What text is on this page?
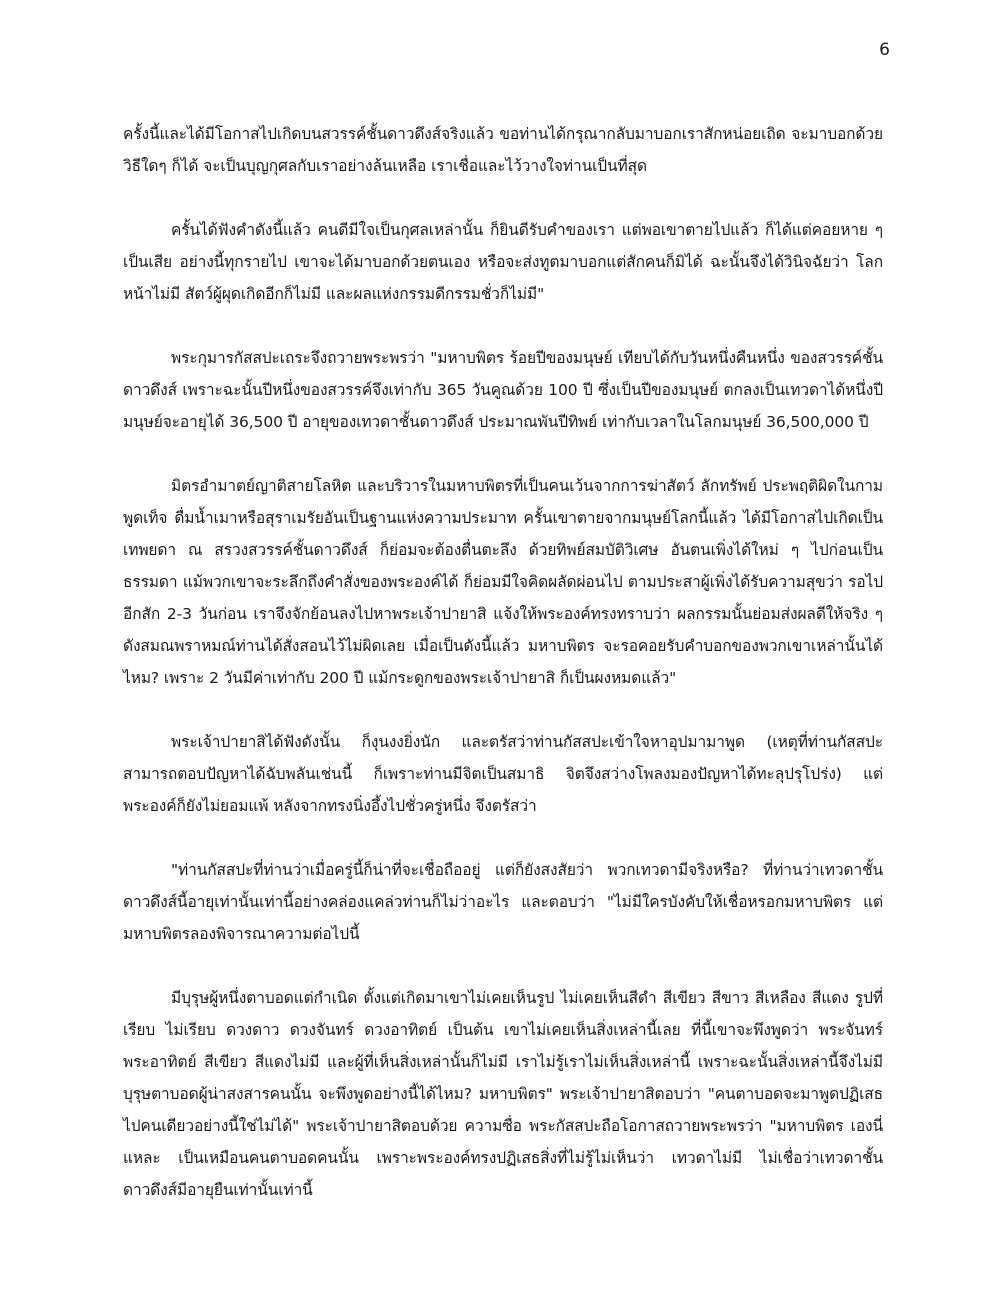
6

ครั้งนี้และได้มีโอกาสไปเกิดบนสวรรค์ชั้นดาวดึงส์จริงแล้ว ขอท่านได้กรุณากลับมาบอกเราสักหน่อยเถิด จะมาบอกด้วยวิธีใดๆ ก็ได้ จะเป็นบุญกุศลกับเราอย่างล้นเหลือ เราเชื่อและไว้วางใจท่านเป็นที่สุด

ครั้นได้ฟังคำดังนี้แล้ว คนดีมีใจเป็นกุศลเหล่านั้น ก็ยินดีรับคำของเรา แต่พอเขาตายไปแล้ว ก็ได้แต่คอยหาย ๆ เป็นเสีย อย่างนี้ทุกรายไป เขาจะได้มาบอกด้วยตนเอง หรือจะส่งทูตมาบอกแต่สักคนก็มิได้ ฉะนั้นจึงได้วินิจฉัยว่า โลกหน้าไม่มี สัตว์ผู้ผุดเกิดอีกก็ไม่มี และผลแห่งกรรมดีกรรมชั่วก็ไม่มี"

พระกุมารกัสสปะเถระจึงถวายพระพรว่า "มหาบพิตร ร้อยปีของมนุษย์ เทียบได้กับวันหนึ่งคืนหนึ่ง ของสวรรค์ชั้นดาวดึงส์ เพราะฉะนั้นปีหนึ่งของสวรรค์จึงเท่ากับ 365 วันคูณด้วย 100 ปี ซึ่งเป็นปีของมนุษย์ ตกลงเป็นเทวดาได้หนึ่งปี มนุษย์จะอายุได้ 36,500 ปี อายุของเทวดาชั้นดาวดึงส์ ประมาณพันปีทิพย์ เท่ากับเวลาในโลกมนุษย์ 36,500,000 ปี

มิตรอำมาตย์ญาติสายโลหิต และบริวารในมหาบพิตรที่เป็นคนเว้นจากการฆ่าสัตว์ ลักทรัพย์ ประพฤติผิดในกาม พูดเท็จ ดื่มน้ำเมาหรือสุราเมรัยอันเป็นฐานแห่งความประมาท ครั้นเขาตายจากมนุษย์โลกนี้แล้ว ได้มีโอกาสไปเกิดเป็นเทพยดา ณ สรวงสวรรค์ชั้นดาวดึงส์ ก็ย่อมจะต้องตื่นตะลึง ด้วยทิพย์สมบัติวิเศษ อันตนเพิ่งได้ใหม่ ๆ ไปก่อนเป็นธรรมดา แม้พวกเขาจะระลึกถึงคำสั่งของพระองค์ได้ ก็ย่อมมีใจคิดผลัดผ่อนไป ตามประสาผู้เพิ่งได้รับความสุขว่า รอไปอีกสัก 2-3 วันก่อน เราจึงจักย้อนลงไปหาพระเจ้าปายาสิ แจ้งให้พระองค์ทรงทราบว่า ผลกรรมนั้นย่อมส่งผลดีให้จริง ๆ ดังสมณพราหมณ์ท่านได้สั่งสอนไว้ไม่ผิดเลย เมื่อเป็นดังนี้แล้ว มหาบพิตร จะรอคอยรับคำบอกของพวกเขาเหล่านั้นได้ไหม? เพราะ 2 วันมีค่าเท่ากับ 200 ปี แม้กระดูกของพระเจ้าปายาสิ ก็เป็นผงหมดแล้ว"

พระเจ้าปายาสิได้ฟังดังนั้น ก็งุนงงยิ่งนัก และตรัสว่าท่านกัสสปะเข้าใจหาอุปมามาพูด (เหตุที่ท่านกัสสปะสามารถตอบปัญหาได้ฉับพลันเช่นนี้ ก็เพราะท่านมีจิตเป็นสมาธิ จิตจึงสว่างโพลงมองปัญหาได้ทะลุปรุโปร่ง) แต่พระองค์ก็ยังไม่ยอมแพ้ หลังจากทรงนิ่งอึ้งไปชั่วครู่หนึ่ง จึงตรัสว่า

"ท่านกัสสปะที่ท่านว่าเมื่อครู่นี้ก็น่าที่จะเชื่อถืออยู่ แต่ก็ยังสงสัยว่า พวกเทวดามีจริงหรือ? ที่ท่านว่าเทวดาชั้นดาวดึงส์นี้อายุเท่านั้นเท่านี้อย่างคล่องแคล่วท่านก็ไม่ว่าอะไร และตอบว่า "ไม่มีใครบังคับให้เชื่อหรอกมหาบพิตร แต่มหาบพิตรลองพิจารณาความต่อไปนี้

มีบุรุษผู้หนึ่งตาบอดแต่กำเนิด ตั้งแต่เกิดมาเขาไม่เคยเห็นรูป ไม่เคยเห็นสีดำ สีเขียว สีขาว สีเหลือง สีแดง รูปที่เรียบ ไม่เรียบ ดวงดาว ดวงจันทร์ ดวงอาทิตย์ เป็นต้น เขาไม่เคยเห็นสิ่งเหล่านี้เลย ที่นี้เขาจะพึงพูดว่า พระจันทร์ พระอาทิตย์ สีเขียว สีแดงไม่มี และผู้ที่เห็นสิ่งเหล่านั้นก็ไม่มี เราไม่รู้เราไม่เห็นสิ่งเหล่านี้ เพราะฉะนั้นสิ่งเหล่านี้จึงไม่มี บุรุษตาบอดผู้น่าสงสารคนนั้น จะพึงพูดอย่างนี้ได้ไหม? มหาบพิตร" พระเจ้าปายาสิตอบว่า "คนตาบอดจะมาพูดปฏิเสธไปคนเดียวอย่างนี้ใช่ไม่ได้" พระเจ้าปายาสิตอบด้วย ความซื่อ พระกัสสปะถือโอกาสถวายพระพรว่า "มหาบพิตร เองนี่แหละ เป็นเหมือนคนตาบอดคนนั้น เพราะพระองค์ทรงปฏิเสธสิ่งที่ไม่รู้ไม่เห็นว่า เทวดาไม่มี ไม่เชื่อว่าเทวดาชั้นดาวดึงส์มีอายุยืนเท่านั้นเท่านี้
